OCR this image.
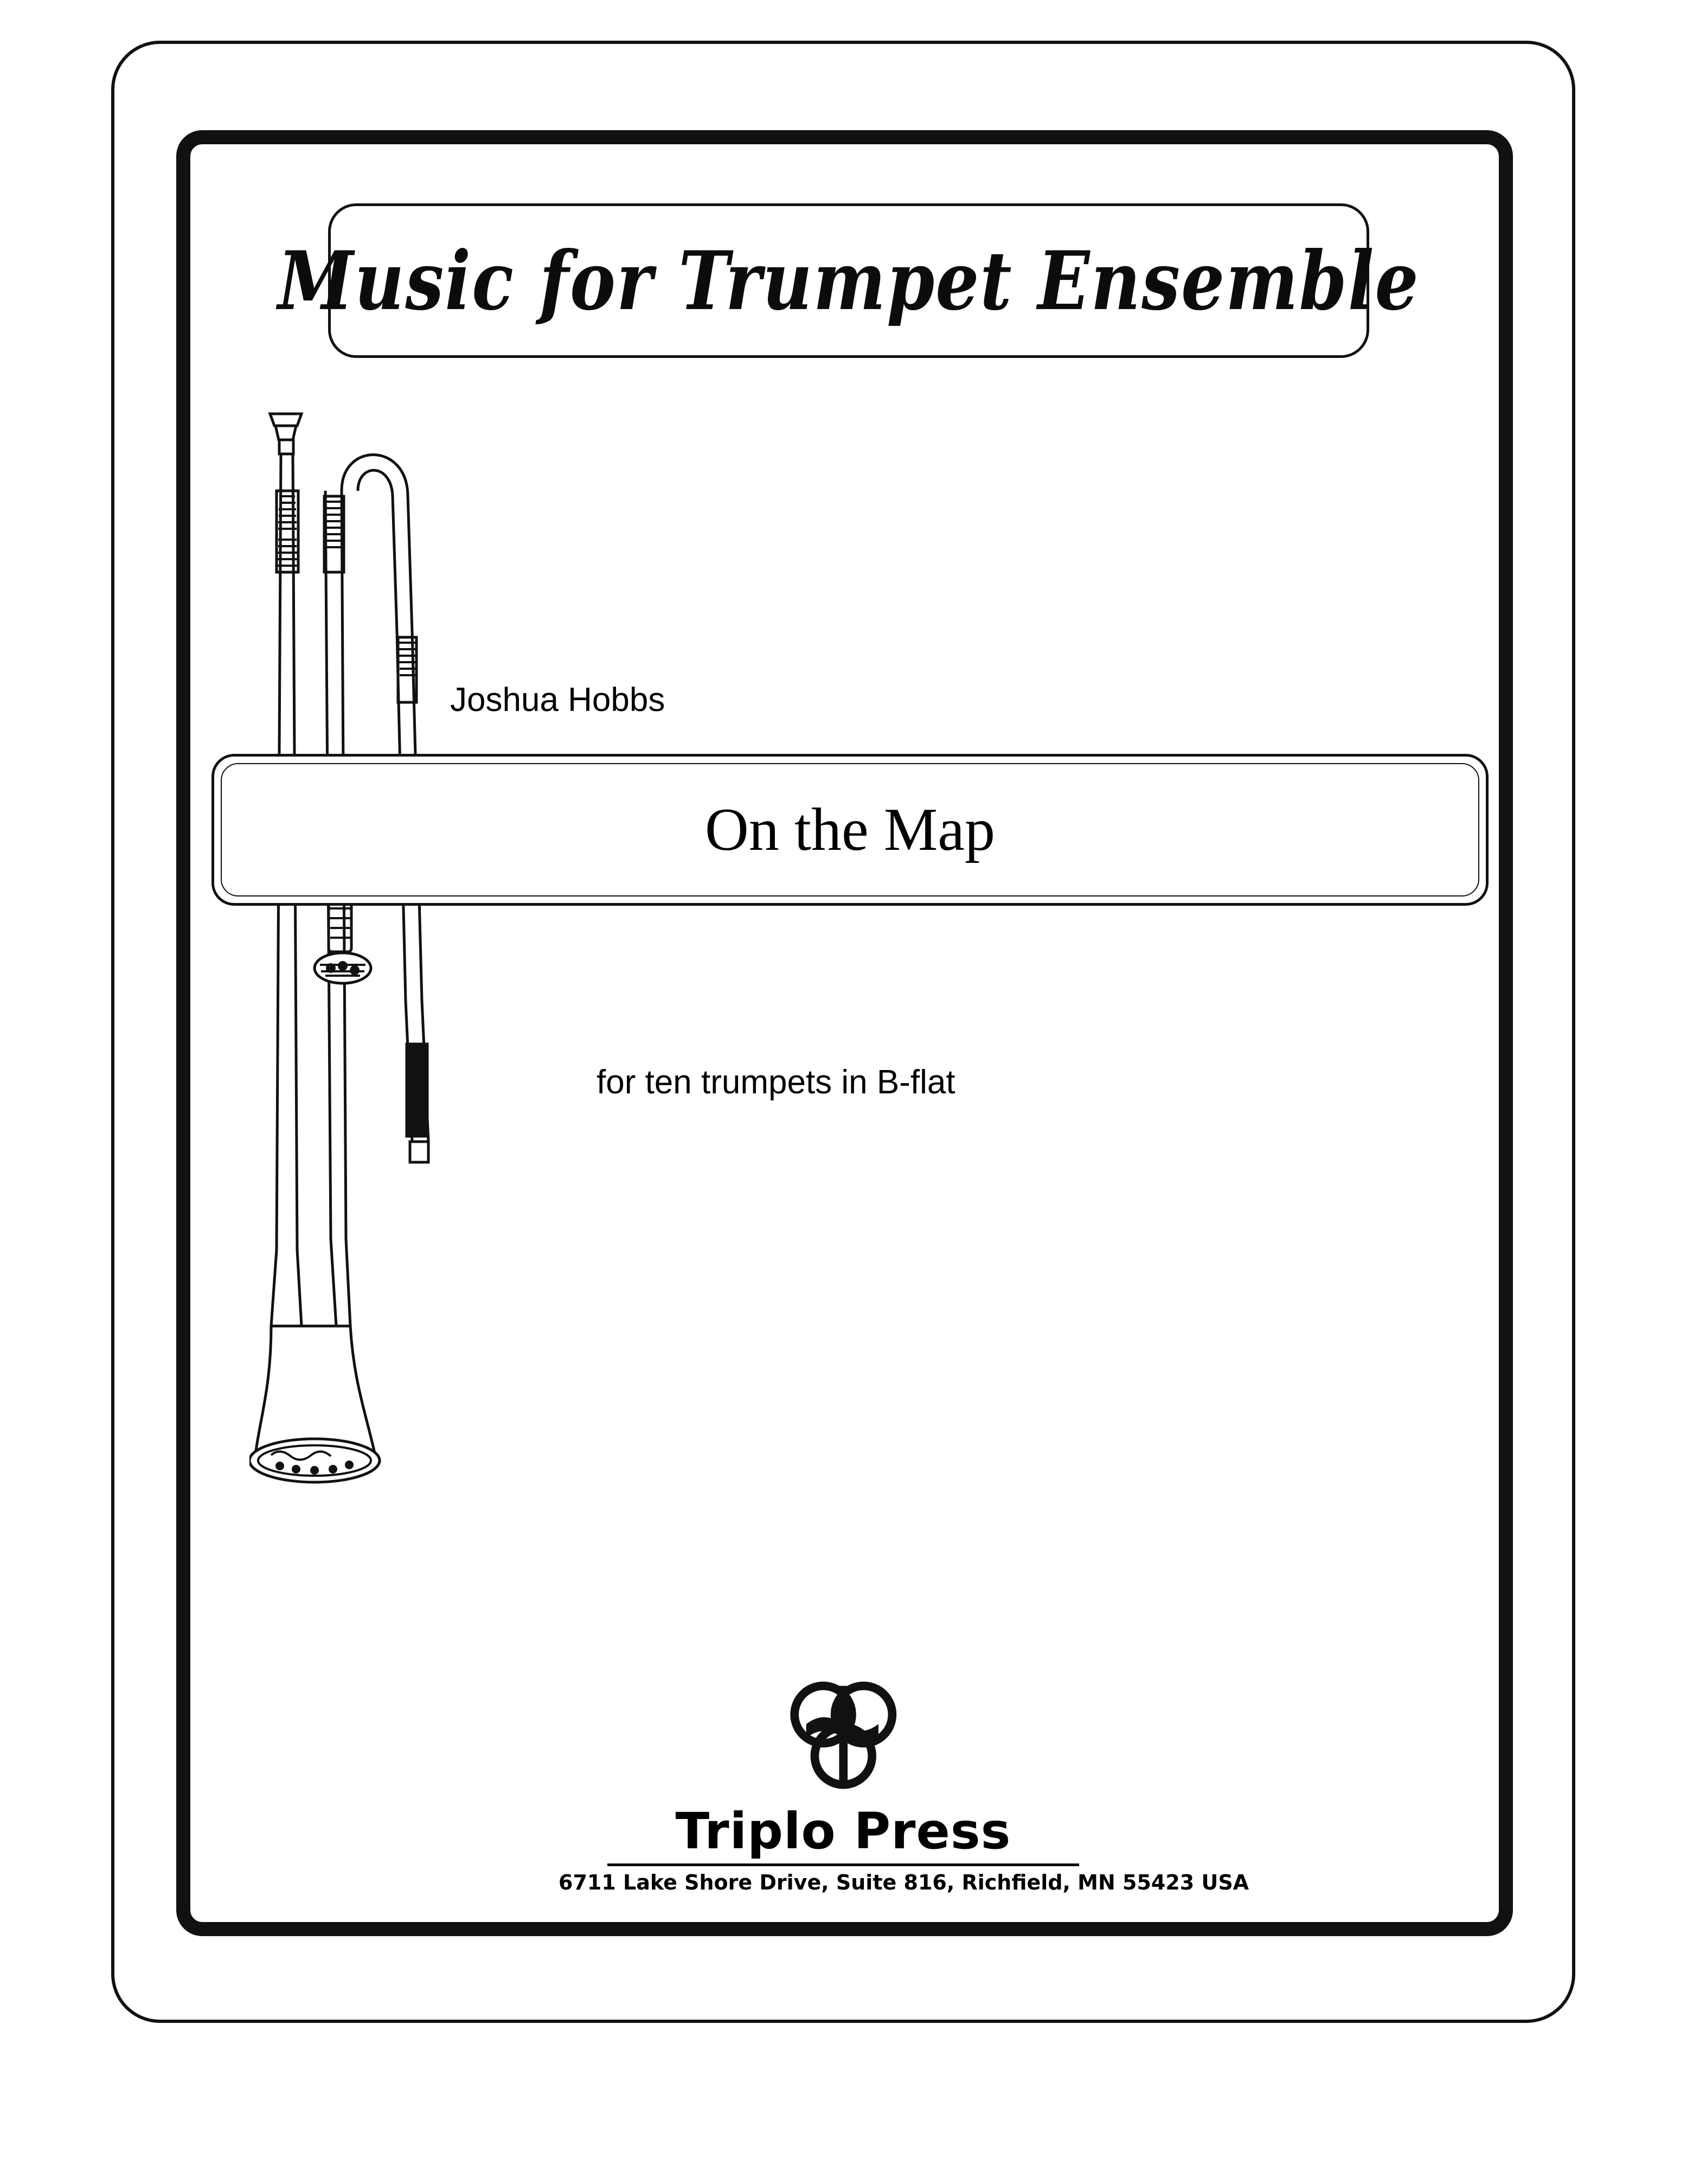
Music for Trumpet Ensemble
Joshua Hobbs
On the Map
for ten trumpets in B-flat
Triplo Press
6711 Lake Shore Drive, Suite 816, Richfield, MN 55423 USA
